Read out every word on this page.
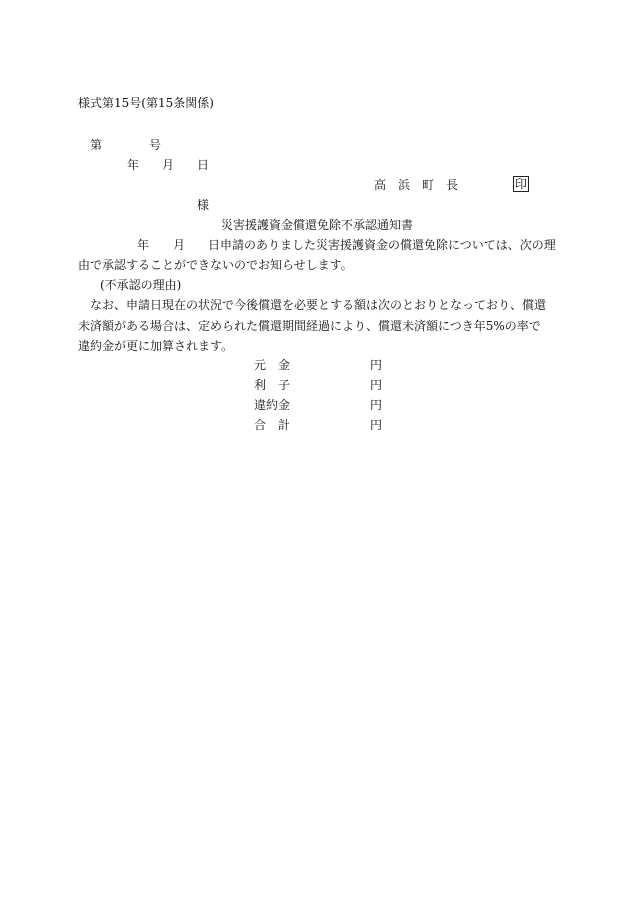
様式第15号(第15条関係)
第	号
年 月 日
高　浜　町　長	印
様
災害援護資金償還免除不承認通知書
年 月 日申請のありました災害援護資金の償還免除については、次の理
由で承認することができないのでお知らせします。
(不承認の理由)
なお、申請日現在の状況で今後償還を必要とする額は次のとおりとなっており、償還未済額がある場合は、定められた償還期間経過により、償還未済額につき年5%の率で違約金が更に加算されます。
元　金	円
利　子	円
違約金	円
合　計	円
